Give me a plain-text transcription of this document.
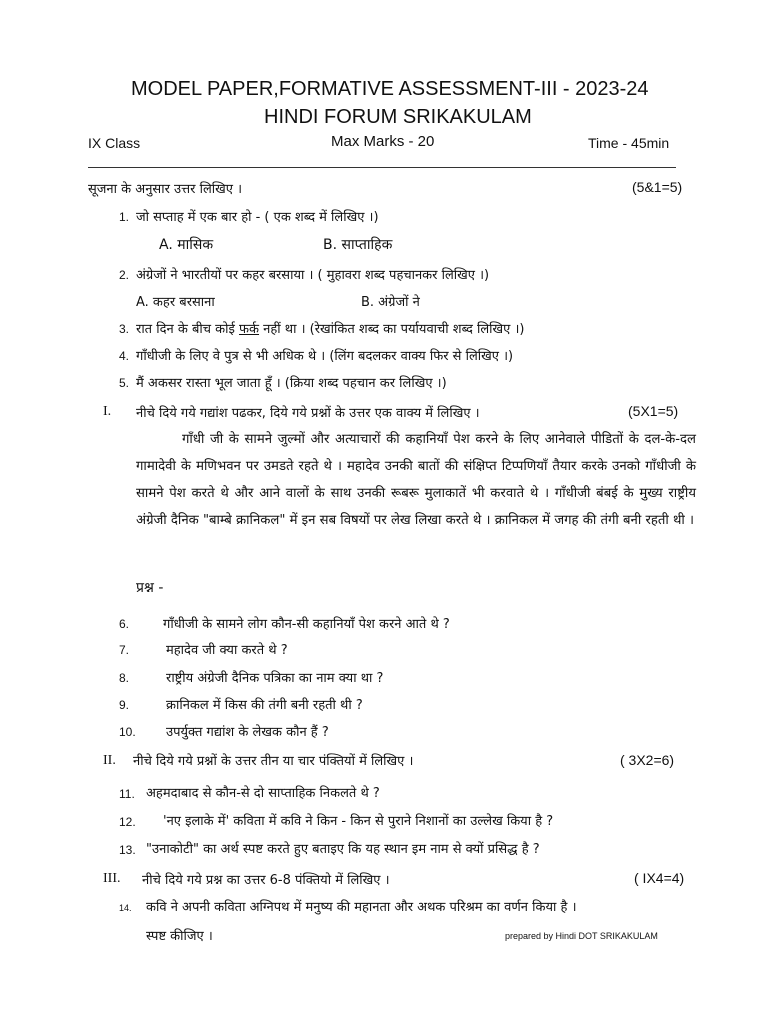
MODEL PAPER,FORMATIVE ASSESSMENT-III - 2023-24
HINDI FORUM SRIKAKULAM
IX Class	Max Marks - 20	Time - 45min
सूजना के अनुसार उत्तर लिखिए ।	(5&1=5)
1. जो सप्ताह में एक बार हो - ( एक शब्द में लिखिए ।)
A. मासिक	B. साप्ताहिक
2. अंग्रेजों ने भारतीयों पर कहर बरसाया । ( मुहावरा शब्द पहचानकर लिखिए ।)
A. कहर बरसाना	B. अंग्रेजों ने
3. रात दिन के बीच कोई फर्क नहीं था । (रेखांकित शब्द का पर्यायवाची शब्द लिखिए ।)
4. गाँधीजी के लिए वे पुत्र से भी अधिक थे । (लिंग बदलकर वाक्य फिर से लिखिए ।)
5. मैं अकसर रास्ता भूल जाता हूँ । (क्रिया शब्द पहचान कर लिखिए ।)
I. नीचे दिये गये गद्यांश पढकर, दिये गये प्रश्नों के उत्तर एक वाक्य में लिखिए ।	(5X1=5)

गाँधी जी के सामने जुल्मों और अत्याचारों की कहानियाँ पेश करने के लिए आनेवाले पीडितों के दल-के-दल गामादेवी के मणिभवन पर उमडते रहते थे । महादेव उनकी बातों की संक्षिप्त टिप्पणियाँ तैयार करके उनको गाँधीजी के सामने पेश करते थे और आने वालों के साथ उनकी रूबरू मुलाकातें भी करवाते थे । गाँधीजी बंबई के मुख्य राष्ट्रीय अंग्रेजी दैनिक "बाम्बे क्रानिकल" में इन सब विषयों पर लेख लिखा करते थे । क्रानिकल में जगह की तंगी बनी रहती थी ।

प्रश्न -
6.	गाँधीजी के सामने लोग कौन-सी कहानियाँ पेश करने आते थे ?
7.	महादेव जी क्या करते थे ?
8.	राष्ट्रीय अंग्रेजी दैनिक पत्रिका का नाम क्या था ?
9.	क्रानिकल में किस की तंगी बनी रहती थी ?
10. उपर्युक्त गद्यांश के लेखक कौन हैं ?
II. नीचे दिये गये प्रश्नों के उत्तर तीन या चार पंक्तियों में लिखिए ।	( 3X2=6)
11. अहमदाबाद से कौन-से दो साप्ताहिक निकलते थे ?
12. 'नए इलाके में' कविता में कवि ने किन - किन से पुराने निशानों का उल्लेख किया है ?
13. "उनाकोटी" का अर्थ स्पष्ट करते हुए बताइए कि यह स्थान इम नाम से क्यों प्रसिद्ध है ?
III. नीचे दिये गये प्रश्न का उत्तर 6-8 पंक्तियो में लिखिए ।	( IX4=4)
14. कवि ने अपनी कविता अग्निपथ में मनुष्य की महानता और अथक परिश्रम का वर्णन किया है ।
स्पष्ट कीजिए ।	prepared by Hindi DOT SRIKAKULAM
